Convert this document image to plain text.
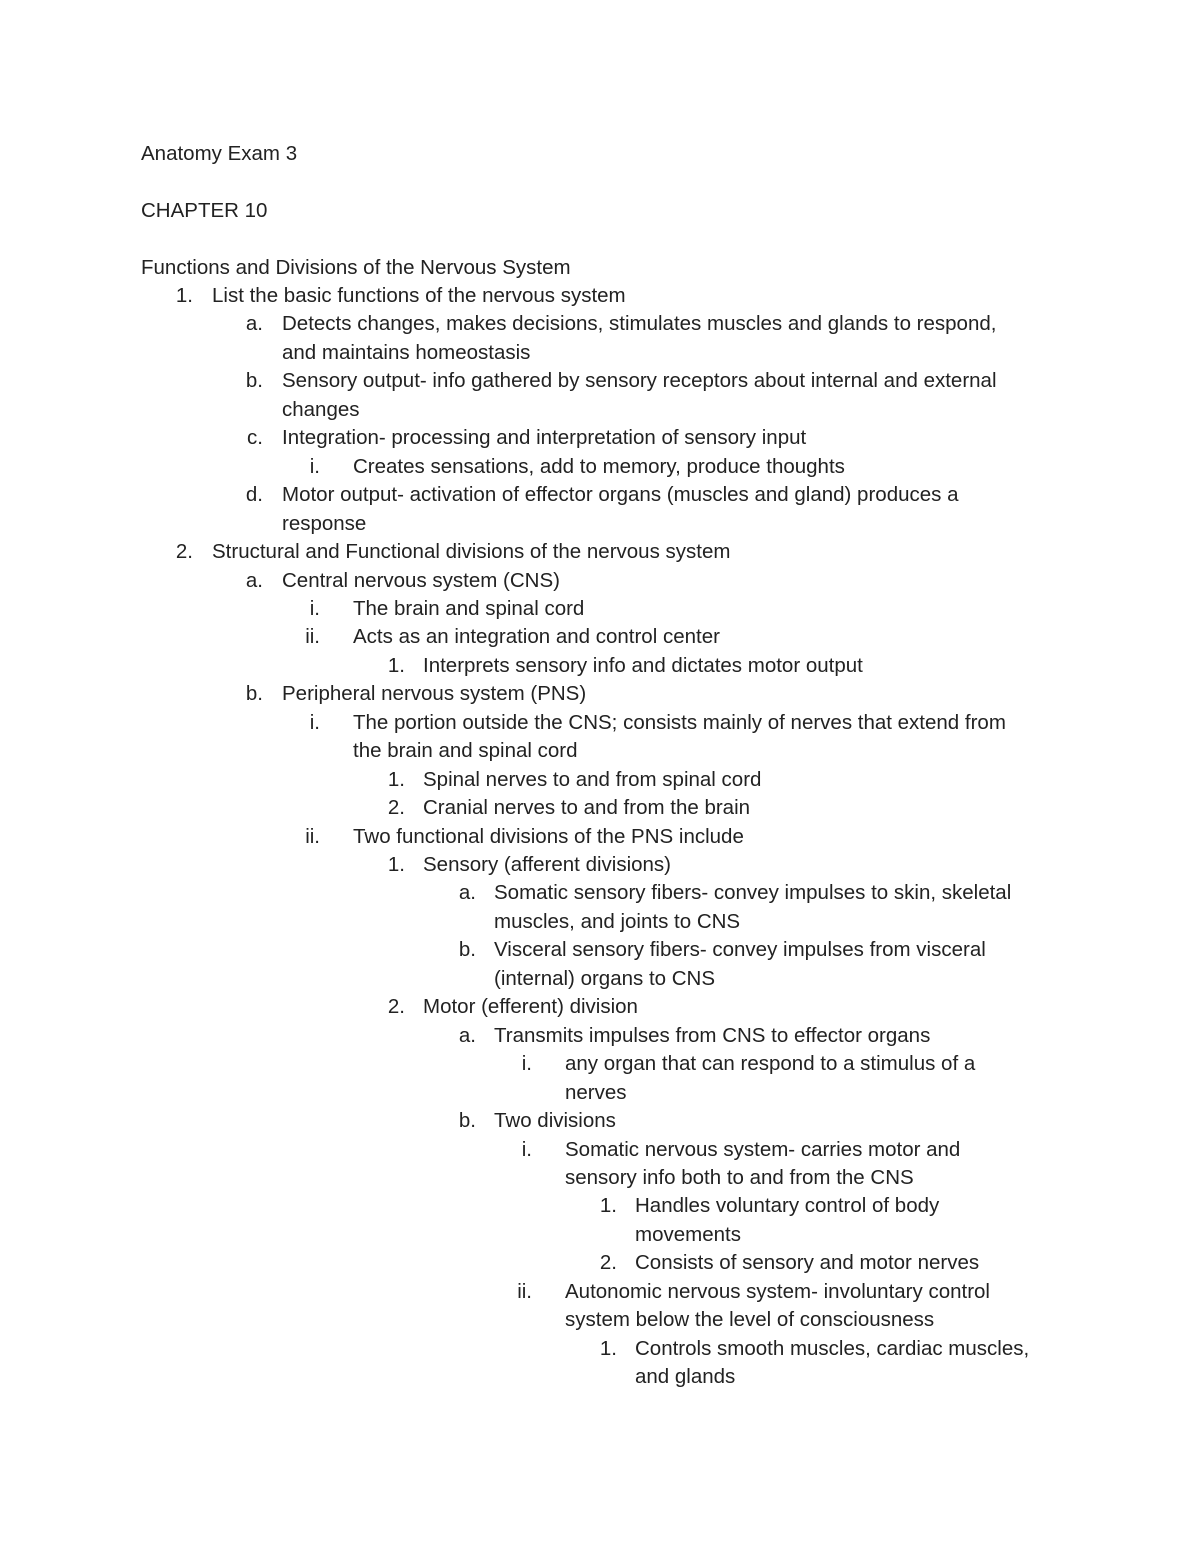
Anatomy Exam 3
CHAPTER 10
Functions and Divisions of the Nervous System
1. List the basic functions of the nervous system
a. Detects changes, makes decisions, stimulates muscles and glands to respond,
and maintains homeostasis
b. Sensory output- info gathered by sensory receptors about internal and external
changes
c. Integration- processing and interpretation of sensory input
i. Creates sensations, add to memory, produce thoughts
d. Motor output- activation of effector organs (muscles and gland) produces a
response
2. Structural and Functional divisions of the nervous system
a. Central nervous system (CNS)
i. The brain and spinal cord
ii. Acts as an integration and control center
1. Interprets sensory info and dictates motor output
b. Peripheral nervous system (PNS)
i. The portion outside the CNS; consists mainly of nerves that extend from
the brain and spinal cord
1. Spinal nerves to and from spinal cord
2. Cranial nerves to and from the brain
ii. Two functional divisions of the PNS include
1. Sensory (afferent divisions)
a. Somatic sensory fibers- convey impulses to skin, skeletal
muscles, and joints to CNS
b. Visceral sensory fibers- convey impulses from visceral
(internal) organs to CNS
2. Motor (efferent) division
a. Transmits impulses from CNS to effector organs
i. any organ that can respond to a stimulus of a
nerves
b. Two divisions
i. Somatic nervous system- carries motor and
sensory info both to and from the CNS
1. Handles voluntary control of body
movements
2. Consists of sensory and motor nerves
ii. Autonomic nervous system- involuntary control
system below the level of consciousness
1. Controls smooth muscles, cardiac muscles,
and glands
